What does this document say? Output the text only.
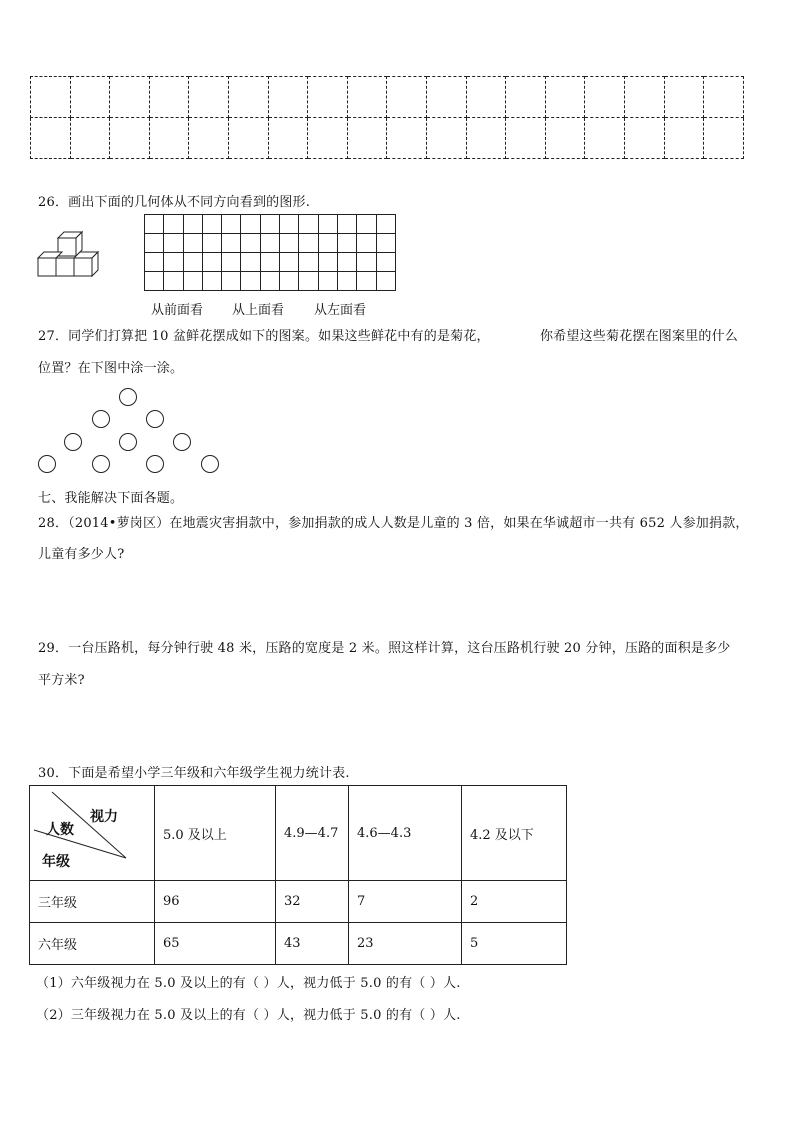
26．画出下面的几何体从不同方向看到的图形.

从前面看 从上面看 从左面看
27．同学们打算把 10 盆鲜花摆成如下的图案。如果这些鲜花中有的是菊花，	你希望这些菊花摆在图案里的什么
位置？在下图中涂一涂。
七、我能解决下面各题。
28．（2014•萝岗区）在地震灾害捐款中，参加捐款的成人人数是儿童的 3 倍，如果在华诚超市一共有 652 人参加捐款，
儿童有多少人?
29．一台压路机，每分钟行驶 48 米，压路的宽度是 2 米。照这样计算，这台压路机行驶 20 分钟，压路的面积是多少
平方米?
30．下面是希望小学三年级和六年级学生视力统计表.
视力
人数
年级	5.0 及以上	4.9—4.7	4.6—4.3	4.2 及以下
三年级	96	32	7	2
六年级	65	43	23	5
（1）六年级视力在 5.0 及以上的有（ ）人，视力低于 5.0 的有（ ）人.
（2）三年级视力在 5.0 及以上的有（ ）人，视力低于 5.0 的有（ ）人.
